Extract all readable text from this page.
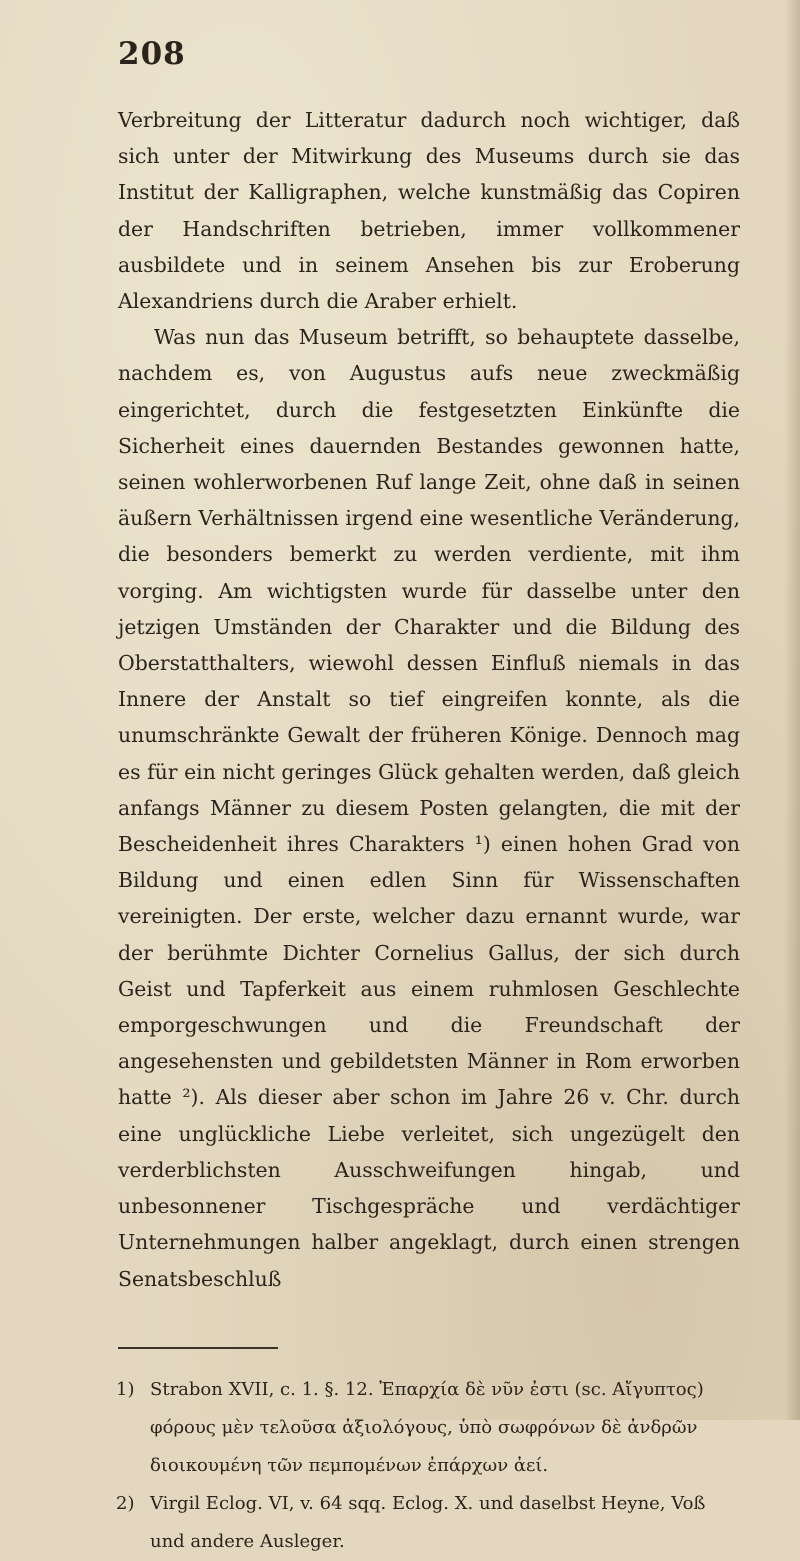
208

Verbreitung der Litteratur dadurch noch wichtiger, daß sich unter der Mitwirkung des Museums durch sie das Institut der Kalligraphen, welche kunstmäßig das Copiren der Handschriften betrieben, immer vollkommener ausbildete und in seinem Ansehen bis zur Eroberung Alexandriens durch die Araber erhielt.

Was nun das Museum betrifft, so behauptete dasselbe, nachdem es, von Augustus aufs neue zweckmäßig eingerichtet, durch die festgesetzten Einkünfte die Sicherheit eines dauernden Bestandes gewonnen hatte, seinen wohlerworbenen Ruf lange Zeit, ohne daß in seinen äußern Verhältnissen irgend eine wesentliche Veränderung, die besonders bemerkt zu werden verdiente, mit ihm vorging. Am wichtigsten wurde für dasselbe unter den jetzigen Umständen der Charakter und die Bildung des Oberstatthalters, wiewohl dessen Einfluß niemals in das Innere der Anstalt so tief eingreifen konnte, als die unumschränkte Gewalt der früheren Könige. Dennoch mag es für ein nicht geringes Glück gehalten werden, daß gleich anfangs Männer zu diesem Posten gelangten, die mit der Bescheidenheit ihres Charakters ¹) einen hohen Grad von Bildung und einen edlen Sinn für Wissenschaften vereinigten. Der erste, welcher dazu ernannt wurde, war der berühmte Dichter Cornelius Gallus, der sich durch Geist und Tapferkeit aus einem ruhmlosen Geschlechte emporgeschwungen und die Freundschaft der angesehensten und gebildetsten Männer in Rom erworben hatte ²). Als dieser aber schon im Jahre 26 v. Chr. durch eine unglückliche Liebe verleitet, sich ungezügelt den verderblichsten Ausschweifungen hingab, und unbesonnener Tischgespräche und verdächtiger Unternehmungen halber angeklagt, durch einen strengen Senatsbeschluß

1) Strabon XVII, c. 1. §. 12. Ἐπαρχία δὲ νῦν ἐστι (sc. Αἴγυπτος) φόρους μὲν τελοῦσα ἀξιολόγους, ὑπὸ σωφρόνων δὲ ἀνδρῶν διοικουμένη τῶν πεμπομένων ἐπάρχων ἀεί.
2) Virgil Eclog. VI, v. 64 sqq. Eclog. X. und daselbst Heyne, Voß und andere Ausleger.
